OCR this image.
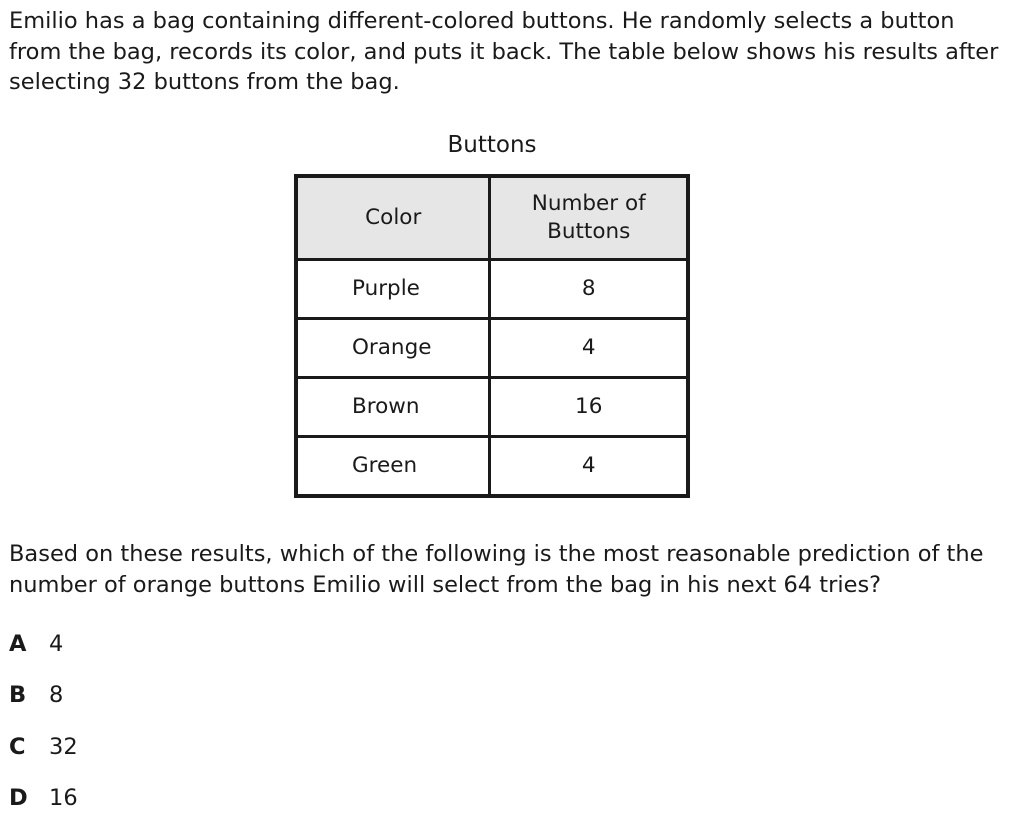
Emilio has a bag containing different-colored buttons. He randomly selects a button from the bag, records its color, and puts it back. The table below shows his results after selecting 32 buttons from the bag.

Buttons

Color	Number of Buttons

Purple	8
Orange	4
Brown	16
Green	4

Based on these results, which of the following is the most reasonable prediction of the number of orange buttons Emilio will select from the bag in his next 64 tries?

A	4
B	8
C	32
D 16
